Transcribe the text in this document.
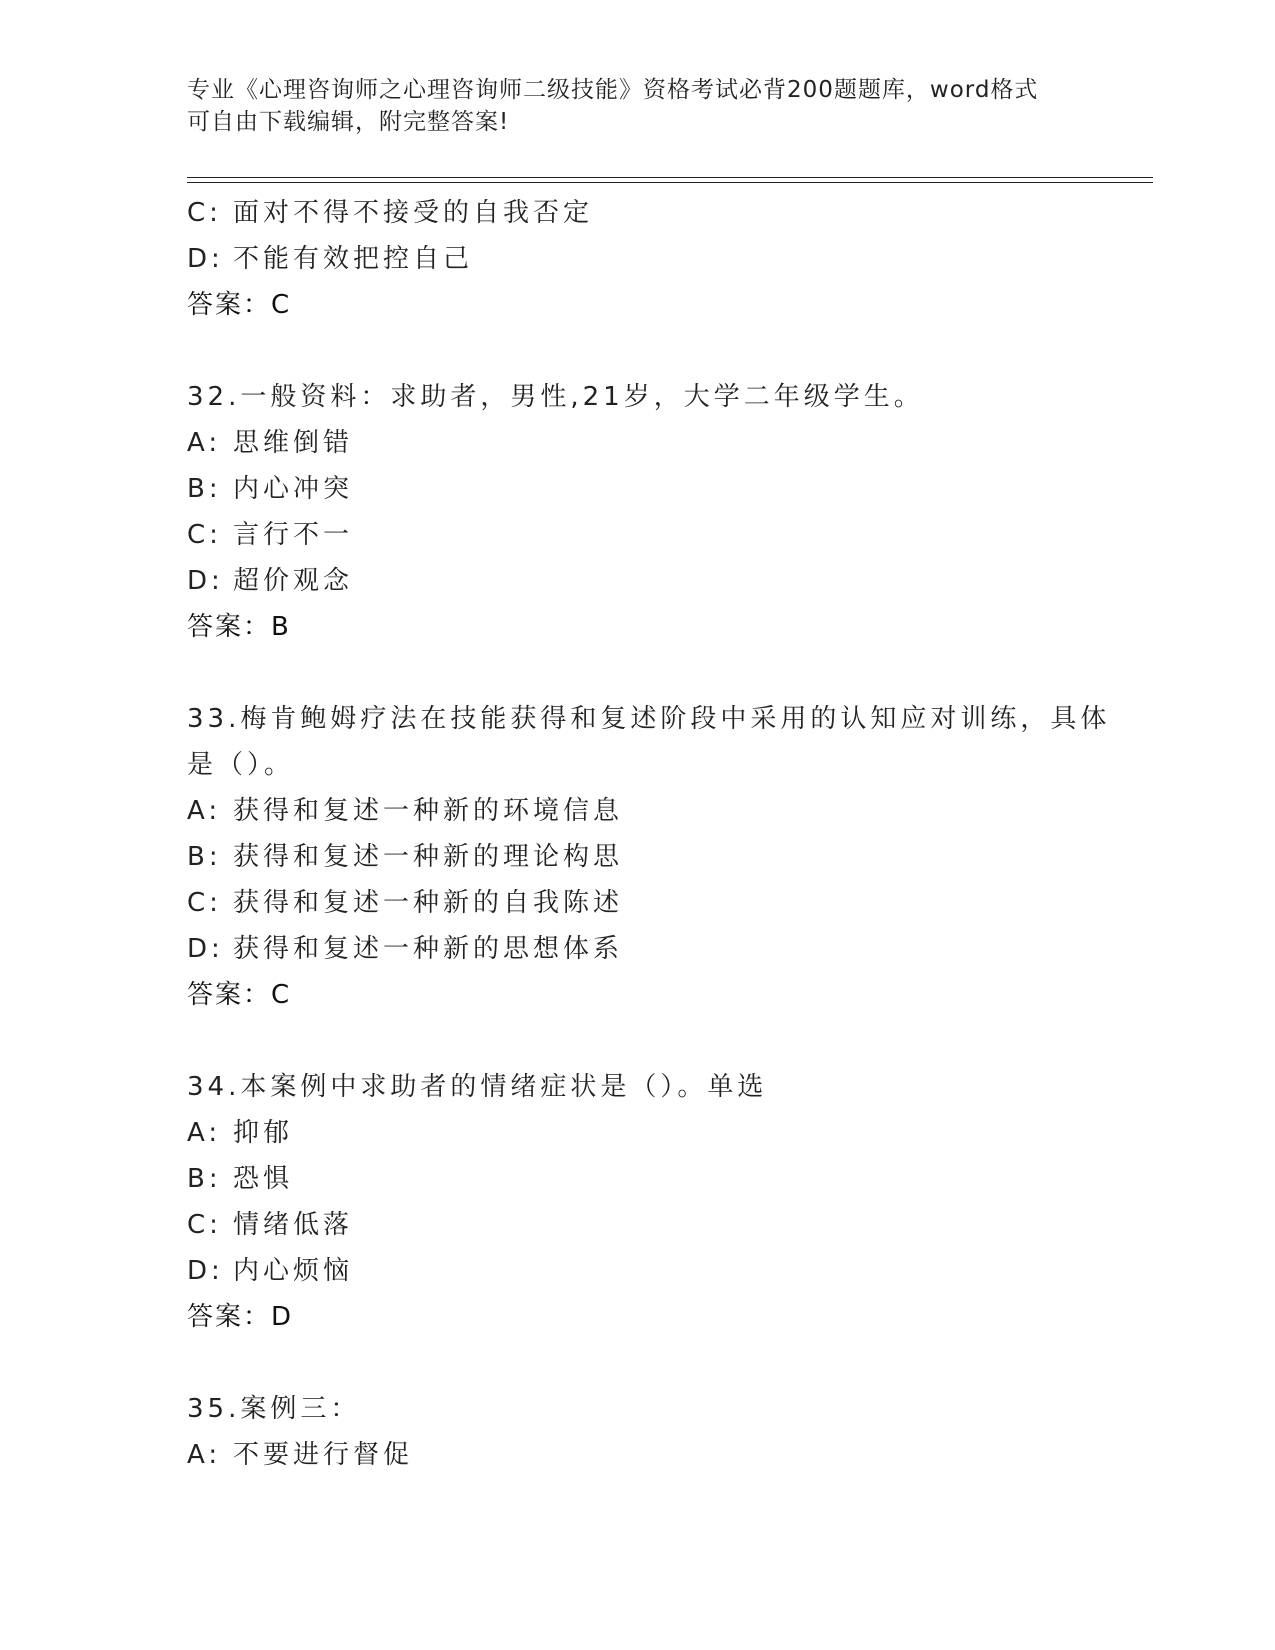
专业《心理咨询师之心理咨询师二级技能》资格考试必背200题题库，word格式
可自由下载编辑，附完整答案!
C: 面对不得不接受的自我否定
D: 不能有效把控自己
答案：C
32.一般资料：求助者，男性,21岁，大学二年级学生。
A: 思维倒错
B: 内心冲突
C: 言行不一
D: 超价观念
答案：B
33.梅肯鲍姆疗法在技能获得和复述阶段中采用的认知应对训练，具体
是（）。
A: 获得和复述一种新的环境信息
B: 获得和复述一种新的理论构思
C: 获得和复述一种新的自我陈述
D: 获得和复述一种新的思想体系
答案：C
34.本案例中求助者的情绪症状是（）。单选
A: 抑郁
B: 恐惧
C: 情绪低落
D: 内心烦恼
答案：D
35.案例三：
A: 不要进行督促
